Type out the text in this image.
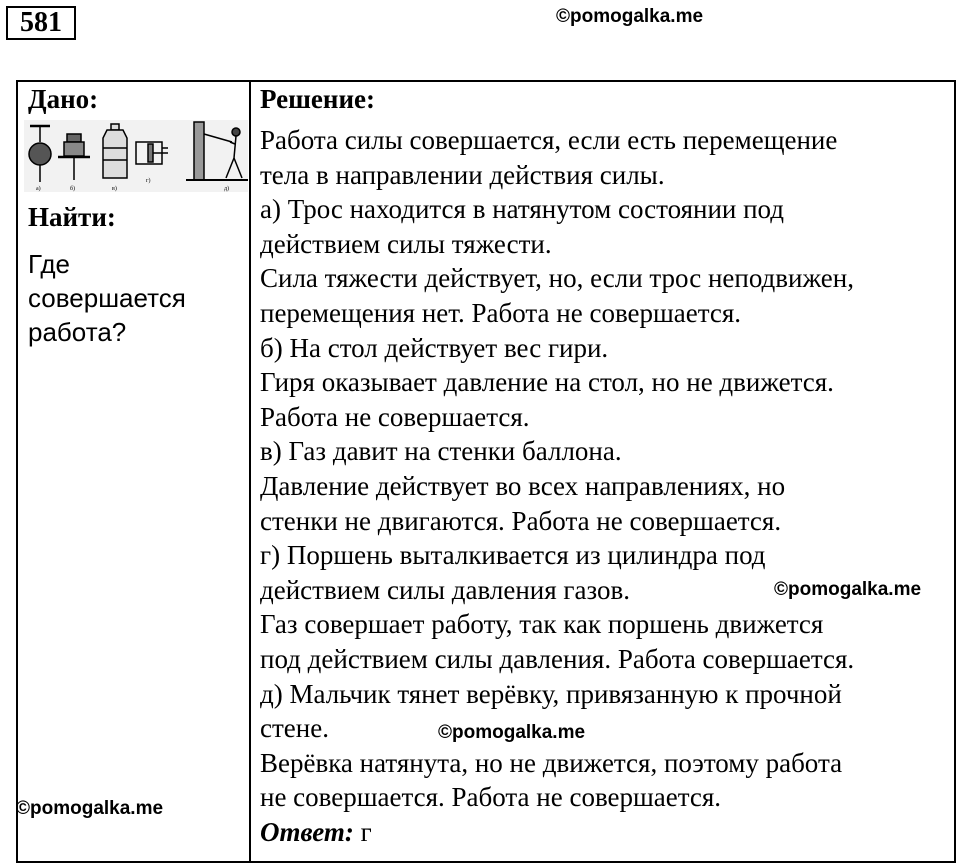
581	©pomogalka.me
Дано:
а)	б)	в)
г)
д)
Найти:
Где
совершается
работа?
Решение:
Работа силы совершается, если есть перемещение
тела в направлении действия силы.
а) Трос находится в натянутом состоянии под
действием силы тяжести.
Сила тяжести действует, но, если трос неподвижен,
перемещения нет. Работа не совершается.
б) На стол действует вес гири.
Гиря оказывает давление на стол, но не движется.
Работа не совершается.
в) Газ давит на стенки баллона.
Давление действует во всех направлениях, но
стенки не двигаются. Работа не совершается.
г) Поршень выталкивается из цилиндра под
действием силы давления газов.
Газ совершает работу, так как поршень движется
под действием силы давления. Работа совершается.
д) Мальчик тянет верёвку, привязанную к прочной
стене.
Верёвка натянута, но не движется, поэтому работа
не совершается. Работа не совершается.
Ответ: г
©pomogalka.me
©pomogalka.me
©pomogalka.me
